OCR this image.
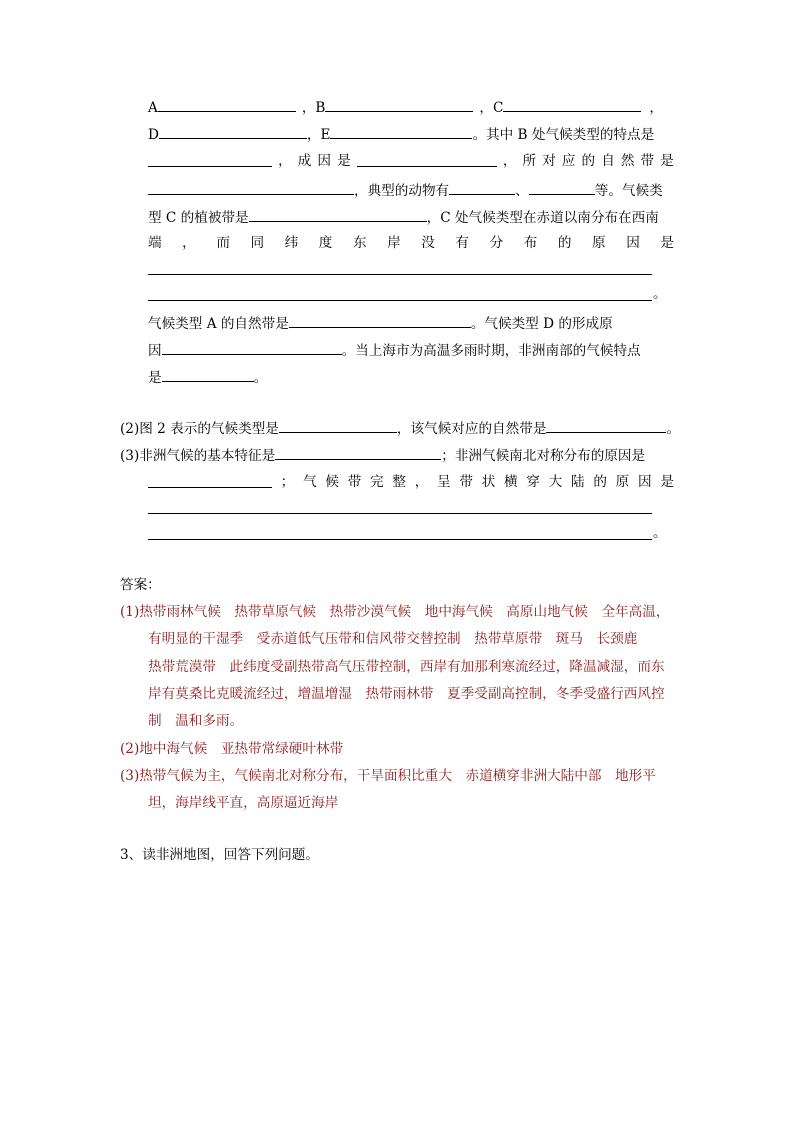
A	，B	，C	，
D	，E	。其中 B 处气候类型的特点是
， 成 因 是	， 所 对 应 的 自 然 带 是
，典型的动物有	、	等。气候类
型 C 的植被带是	，C 处气候类型在赤道以南分布在西南
端 ， 而 同 纬 度 东 岸 没 有 分 布 的 原 因 是
。
气候类型 A 的自然带是	。气候类型 D 的形成原
因	。当上海市为高温多雨时期，非洲南部的气候特点
是	。
(2)图 2 表示的气候类型是	，该气候对应的自然带是	。
(3)非洲气候的基本特征是	；非洲气候南北对称分布的原因是
； 气 候 带 完 整 ， 呈 带 状 横 穿 大 陆 的 原 因 是
。
答案：
(1)热带雨林气候　热带草原气候　热带沙漠气候　地中海气候　高原山地气候　全年高温，
有明显的干湿季　受赤道低气压带和信风带交替控制　热带草原带　斑马　长颈鹿
热带荒漠带　此纬度受副热带高气压带控制，西岸有加那利寒流经过，降温减湿，而东
岸有莫桑比克暖流经过，增温增湿　热带雨林带　夏季受副高控制，冬季受盛行西风控
制　温和多雨。
(2)地中海气候　亚热带常绿硬叶林带
(3)热带气候为主，气候南北对称分布，干旱面积比重大　赤道横穿非洲大陆中部　地形平
坦，海岸线平直，高原逼近海岸
3、读非洲地图，回答下列问题。
